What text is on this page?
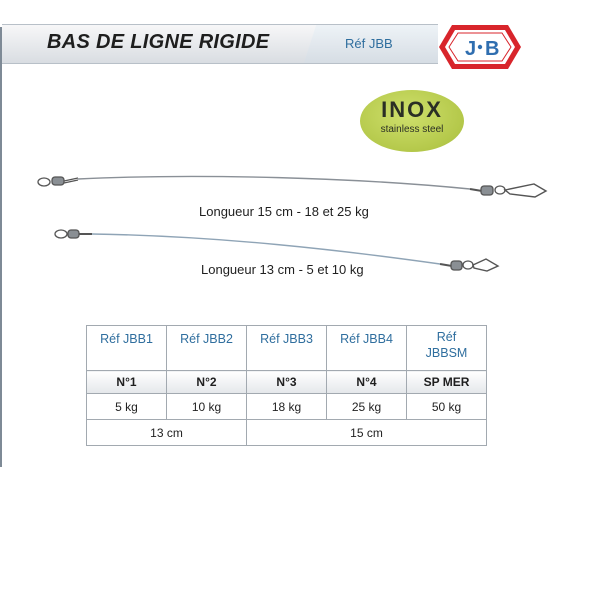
BAS DE LIGNE RIGIDE	Réf JBB	J B
INOX
stainless steel
Longueur 15 cm - 18 et 25 kg
Longueur 13 cm - 5 et 10 kg
Réf JBB1	Réf JBB2	Réf JBB3	Réf JBB4	Réf
JBBSM

N°1	N°2	N°3	N°4	SP MER
5 kg	10 kg	18 kg	25 kg	50 kg
13 cm		15 cm		
